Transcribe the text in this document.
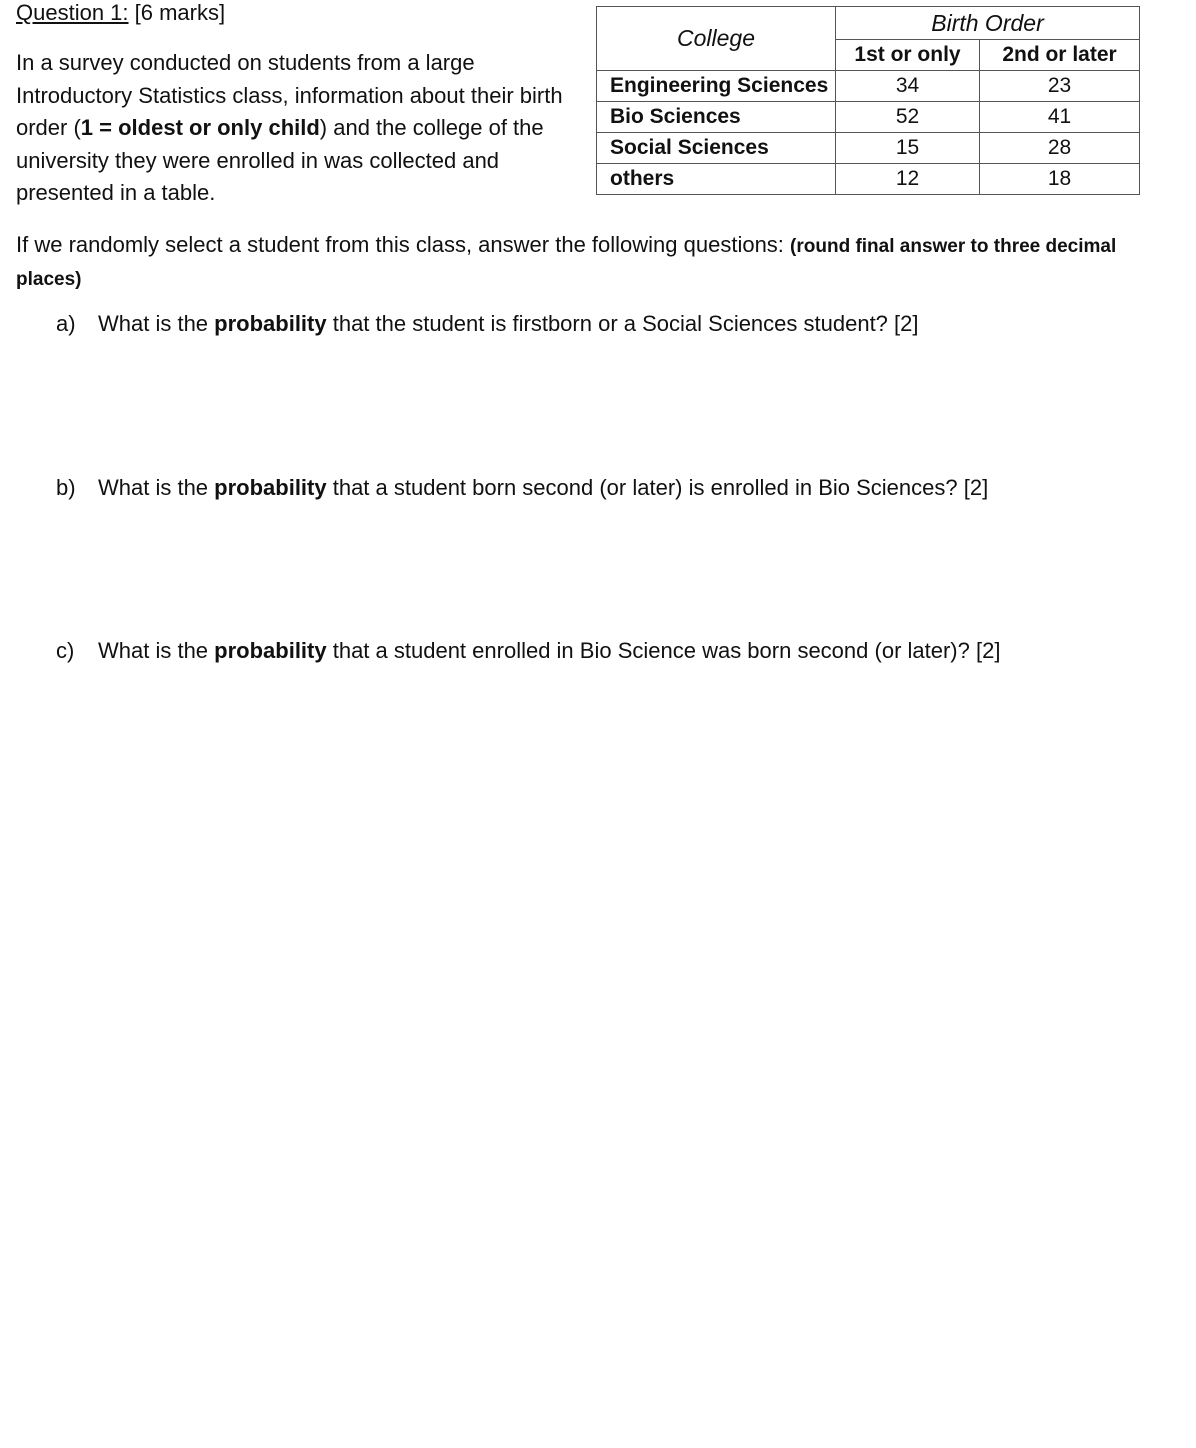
Question 1: [6 marks]
In a survey conducted on students from a large Introductory Statistics class, information about their birth order (1 = oldest or only child) and the college of the university they were enrolled in was collected and presented in a table.
College	Birth Order	
	1st or only	2nd or later
Engineering Sciences	34	23
Bio Sciences	52	41
Social Sciences	15	28
others	12	18
If we randomly select a student from this class, answer the following questions: (round final answer to three decimal places)
a) What is the probability that the student is firstborn or a Social Sciences student? [2]
b) What is the probability that a student born second (or later) is enrolled in Bio Sciences? [2]
c) What is the probability that a student enrolled in Bio Science was born second (or later)? [2]
